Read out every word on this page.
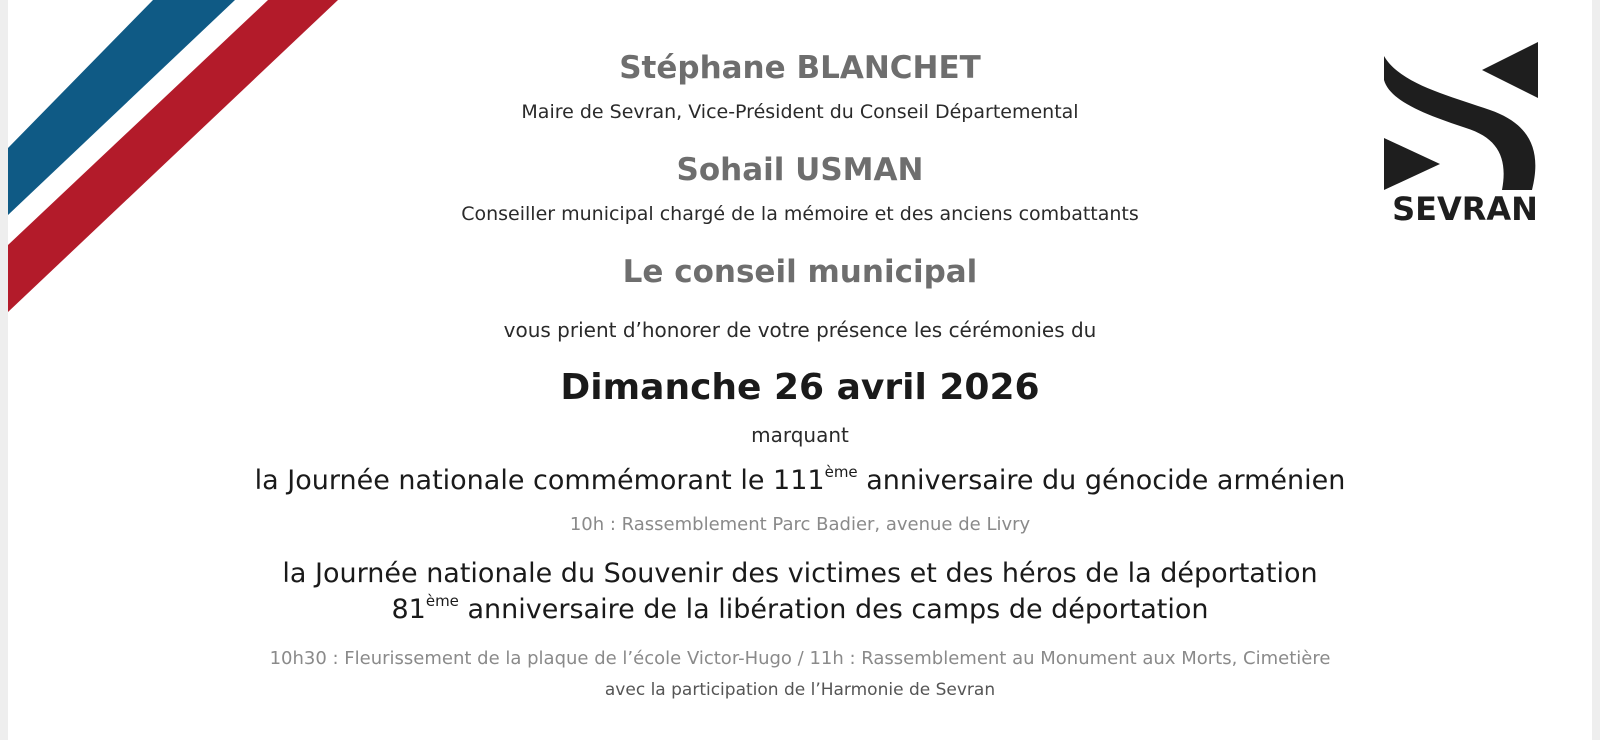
SEVRAN
Stéphane BLANCHET
Maire de Sevran, Vice-Président du Conseil Départemental
Sohail USMAN
Conseiller municipal chargé de la mémoire et des anciens combattants
Le conseil municipal
vous prient d’honorer de votre présence les cérémonies du
Dimanche 26 avril 2026
marquant
la Journée nationale commémorant le 111ème anniversaire du génocide arménien
10h : Rassemblement Parc Badier, avenue de Livry
la Journée nationale du Souvenir des victimes et des héros de la déportation
81ème anniversaire de la libération des camps de déportation
10h30 : Fleurissement de la plaque de l’école Victor-Hugo / 11h : Rassemblement au Monument aux Morts, Cimetière
avec la participation de l’Harmonie de Sevran
